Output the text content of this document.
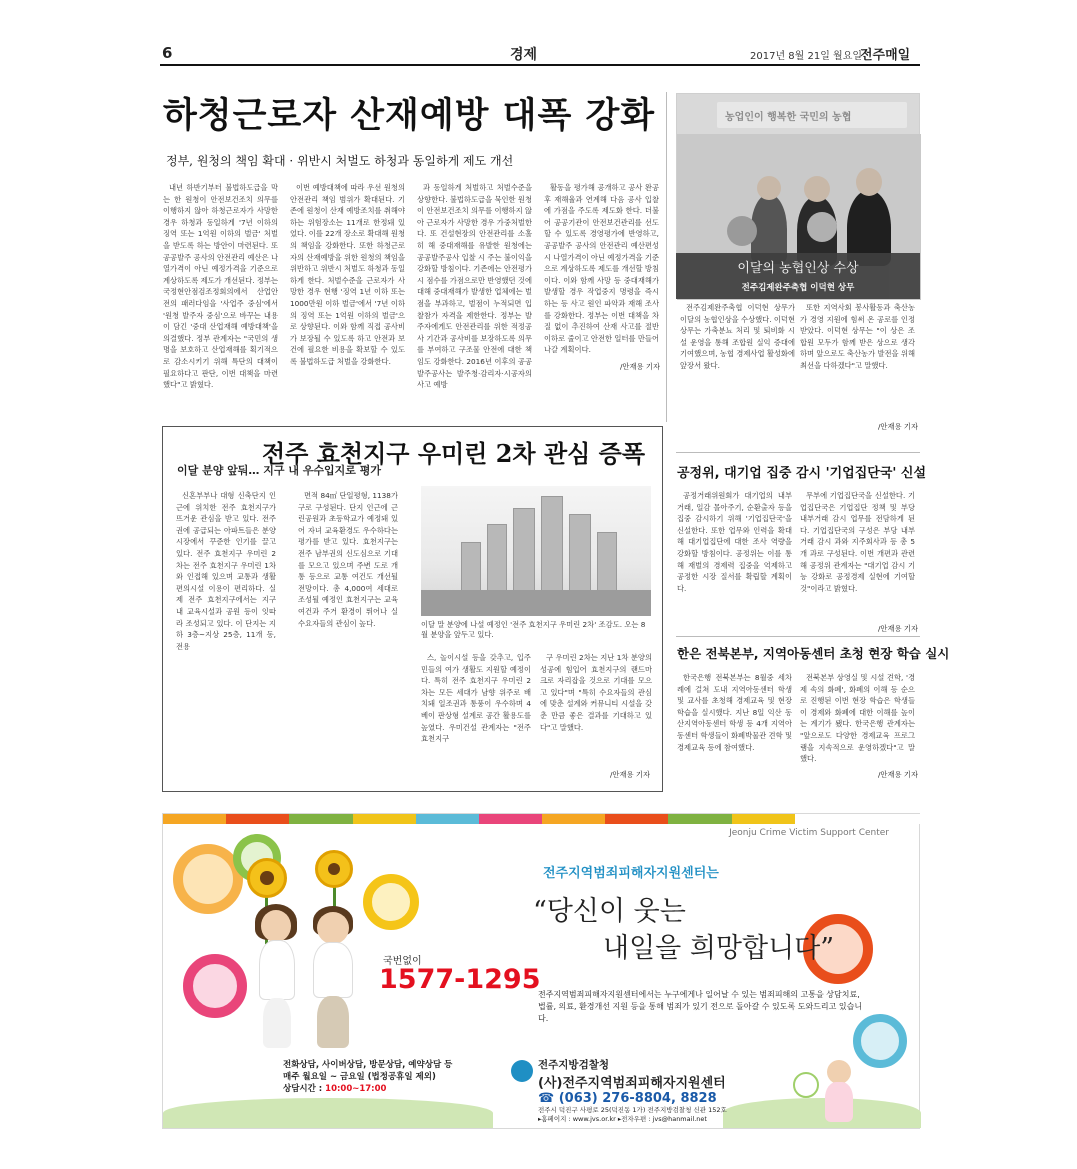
6	경제	2017년 8월 21일 월요일
전주매일
하청근로자 산재예방 대폭 강화
정부, 원청의 책임 확대 · 위반시 처벌도 하청과 동일하게 제도 개선

내년 하반기부터 불법하도급을 막는 한 원청이 안전보건조치 의무를 이행하지 않아 하청근로자가 사망한 경우 하청과 동일하게 '7년 이하의 징역 또는 1억원 이하의 벌금' 처벌을 받도록 하는 방안이 마련된다. 또 공공발주 공사의 안전관리 예산은 나열가격이 아닌 예정가격을 기준으로 계상하도록 제도가 개선된다. 정부는 국정현안점검조정회의에서 산업안전의 패러다임을 '사업주 중심'에서 '원청 발주자 중심'으로 바꾸는 내용이 담긴 '중대 산업재해 예방대책'을 의결했다. 정부 관계자는 "국민의 생명을 보호하고 산업재해를 획기적으로 감소시키기 위해 특단의 대책이 필요하다고 판단, 이번 대책을 마련했다"고 밝혔다.

이번 예방대책에 따라 우선 원청의 안전관리 책임 범위가 확대된다. 기존에 원청이 산재 예방조치를 취해야 하는 위험장소는 11개로 한정돼 있었다. 이를 22개 장소로 확대해 원청의 책임을 강화한다. 또한 하청근로자의 산재예방을 위한 원청의 책임을 위반하고 위반시 처벌도 하청과 동일하게 한다. 처벌수준을 근로자가 사망한 경우 현행 '징역 1년 이하 또는 1000만원 이하 벌금'에서 '7년 이하의 징역 또는 1억원 이하의 벌금'으로 상향된다. 이와 함께 직접 공사비가 보장될 수 있도록 하고 안전과 보건에 필요한 비용을 확보할 수 있도록 불법하도급 처벌을 강화한다.

과 동일하게 처벌하고 처벌수준을 상향한다. 불법하도급을 묵인한 원청이 안전보건조치 의무를 이행하지 않아 근로자가 사망한 경우 가중처벌한다. 또 건설현장의 안전관리를 소홀히 해 중대재해를 유발한 원청에는 공공발주공사 입찰 시 주는 불이익을 강화할 방침이다. 기존에는 안전평가 시 점수를 가점으로만 반영했던 것에 대해 중대재해가 발생한 업체에는 벌점을 부과하고, 벌점이 누적되면 입찰참가 자격을 제한한다. 정부는 발주자에게도 안전관리를 위한 적정공사 기간과 공사비를 보장하도록 의무를 부여하고 구조물 안전에 대한 책임도 강화한다. 2016년 이후의 공공발주공사는 발주청·감리자·시공자의 사고 예방

활동을 평가해 공개하고 공사 완공 후 재해율과 연계해 다음 공사 입찰에 가점을 주도록 제도화 한다. 더불어 공공기관이 안전보건관리를 선도할 수 있도록 경영평가에 반영하고, 공공발주 공사의 안전관리 예산편성 시 나열가격이 아닌 예정가격을 기준으로 계상하도록 제도를 개선할 방침이다. 이와 함께 사망 등 중대재해가 발생할 경우 작업중지 명령을 즉시 하는 등 사고 원인 파악과 재해 조사를 강화한다. 정부는 이번 대책을 차질 없이 추진하여 산재 사고를 절반 이하로 줄이고 안전한 일터를 만들어 나갈 계획이다.

/안재용 기자
농업인이 행복한 국민의 농협
이달의 농협인상 수상
전주김제완주축협 이덕현 상무

전주김제완주축협 이덕현 상무가 이달의 농협인상을 수상했다. 이덕현 상무는 가축분뇨 처리 및 퇴비화 시설 운영을 통해 조합원 실익 증대에 기여했으며, 농협 경제사업 활성화에 앞장서 왔다.

또한 지역사회 봉사활동과 축산농가 경영 지원에 힘써 온 공로를 인정받았다. 이덕현 상무는 "이 상은 조합원 모두가 함께 받은 상으로 생각하며 앞으로도 축산농가 발전을 위해 최선을 다하겠다"고 말했다.

/안재용 기자
전주 효천지구 우미린 2차 관심 증폭
이달 분양 앞둬… 지구 내 우수입지로 평가

신혼부부나 대형 신축단지 인근에 위치한 전주 효천지구가 뜨거운 관심을 받고 있다. 전주권에 공급되는 아파트들은 분양시장에서 꾸준한 인기를 끌고 있다. 전주 효천지구 우미린 2차는 전주 효천지구 우미린 1차와 인접해 있으며 교통과 생활편의시설 이용이 편리하다. 실제 전주 효천지구에서는 지구 내 교육시설과 공원 등이 잇따라 조성되고 있다. 이 단지는 지하 3층~지상 25층, 11개 동, 전용

면적 84㎡ 단일평형, 1138가구로 구성된다. 단지 인근에 근린공원과 초등학교가 예정돼 있어 자녀 교육환경도 우수하다는 평가를 받고 있다. 효천지구는 전주 남부권의 신도심으로 기대를 모으고 있으며 주변 도로 개통 등으로 교통 여건도 개선될 전망이다. 총 4,000여 세대로 조성될 예정인 효천지구는 교육 여건과 주거 환경이 뛰어나 실수요자들의 관심이 높다.	이달 말 분양에 나설 예정인 '전주 효천지구 우미린 2차' 조감도. 오는 8월 분양을 앞두고 있다.

스, 놀이시설 등을 갖추고, 입주민들의 여가 생활도 지원할 예정이다. 특히 전주 효천지구 우미린 2차는 모든 세대가 남향 위주로 배치돼 일조권과 통풍이 우수하며 4베이 판상형 설계로 공간 활용도를 높였다. 우미건설 관계자는 "전주 효천지구

구 우미린 2차는 지난 1차 분양의 성공에 힘입어 효천지구의 랜드마크로 자리잡을 것으로 기대를 모으고 있다"며 "특히 수요자들의 관심에 맞춘 설계와 커뮤니티 시설을 갖춘 만큼 좋은 결과를 기대하고 있다"고 말했다.

/안재용 기자
공정위, 대기업 집중 감시 '기업집단국' 신설

공정거래위원회가 대기업의 내부거래, 일감 몰아주기, 순환출자 등을 집중 감시하기 위해 '기업집단국'을 신설한다. 또한 업무와 인력을 확대해 대기업집단에 대한 조사 역량을 강화할 방침이다. 공정위는 이를 통해 재벌의 경제력 집중을 억제하고 공정한 시장 질서를 확립할 계획이다.

무부에 기업집단국을 신설한다. 기업집단국은 기업집단 정책 및 부당 내부거래 감시 업무를 전담하게 된다. 기업집단국의 구성은 부당 내부거래 감시 과와 지주회사과 등 총 5개 과로 구성된다. 이번 개편과 관련해 공정위 관계자는 "대기업 감시 기능 강화로 공정경제 실현에 기여할 것"이라고 밝혔다.

/안재용 기자
한은 전북본부, 지역아동센터 초청 현장 학습 실시

한국은행 전북본부는 8월중 세차례에 걸쳐 도내 지역아동센터 학생 및 교사를 초청해 경제교육 및 현장학습을 실시했다. 지난 8일 익산 동산지역아동센터 학생 등 4개 지역아동센터 학생들이 화폐박물관 견학 및 경제교육 등에 참여했다.

전북본부 상영실 및 시설 견학, '경제 속의 화폐', 화폐의 이해 등 순으로 진행된 이번 현장 학습은 학생들이 경제와 화폐에 대한 이해를 높이는 계기가 됐다. 한국은행 관계자는 "앞으로도 다양한 경제교육 프로그램을 지속적으로 운영하겠다"고 말했다.

/안재용 기자
Jeonju Crime Victim Support Center
전주지역범죄피해자지원센터는
“당신이 웃는
내일을 희망합니다”
전주지역범죄피해자지원센터에서는 누구에게나 일어날 수 있는 범죄피해의 고통을 상담치료, 법률, 의료, 환경개선 지원 등을 통해 범죄가 있기 전으로 돌아갈 수 있도록 도와드리고 있습니다.
국번없이
1577-1295
전화상담, 사이버상담, 방문상담, 예약상담 등
매주 월요일 ~ 금요일 (법정공휴일 제외)
상담시간 : 10:00~17:00
전주지방검찰청
(사)전주지역범죄피해자지원센터
☎ (063) 276-8804, 8828
전주시 덕진구 사평로 25(덕진동 1가) 전주지방검찰청 신관 152호
▸홈페이지 : www.jvs.or.kr ▸전자우편 : jvs@hanmail.net
